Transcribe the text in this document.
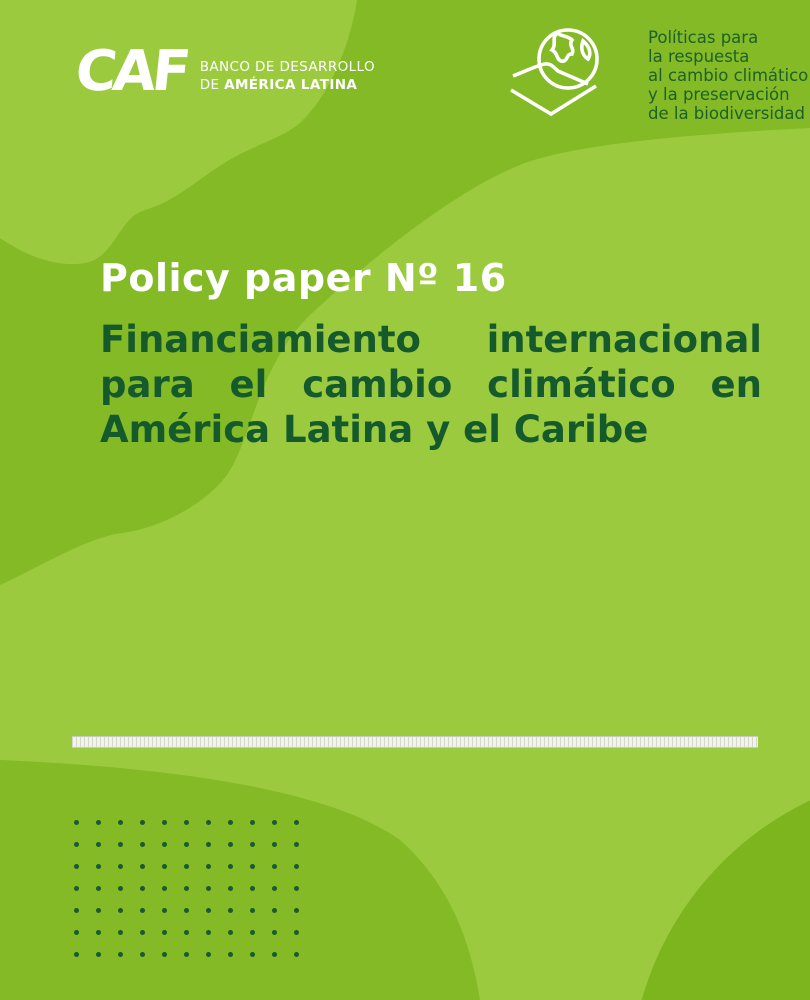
CAF BANCO DE DESARROLLO
DE AMÉRICA LATINA
Políticas para
la respuesta
al cambio climático
y la preservación
de la biodiversidad
Policy paper Nº 16
Financiamiento internacional
para el cambio climático en
América Latina y el Caribe
